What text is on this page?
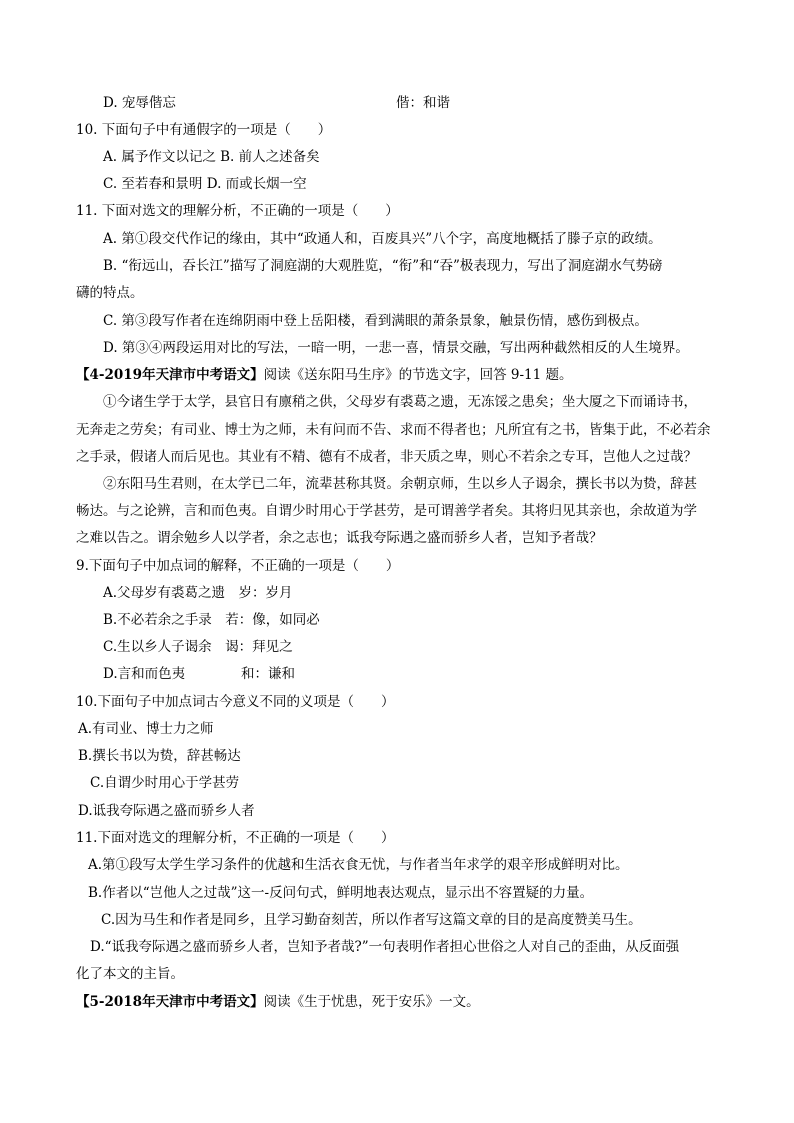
D. 宠辱偕忘	偕：和谐
10. 下面句子中有通假字的一项是（　　）
A. 属予作文以记之 B. 前人之述备矣
C. 至若春和景明 D. 而或长烟一空
11. 下面对选文的理解分析，不正确的一项是（　　）
A. 第①段交代作记的缘由，其中“政通人和，百废具兴”八个字，高度地概括了滕子京的政绩。
B. “衔远山，吞长江”描写了洞庭湖的大观胜览，“衔”和“吞”极表现力，写出了洞庭湖水气势磅
礴的特点。
C. 第③段写作者在连绵阴雨中登上岳阳楼，看到满眼的萧条景象，触景伤情，感伤到极点。
D. 第③④两段运用对比的写法，一暗一明，一悲一喜，情景交融，写出两种截然相反的人生境界。
【4-2019年天津市中考语文】阅读《送东阳马生序》的节选文字，回答 9-11 题。
①今诸生学于太学，县官日有廪稍之供，父母岁有裘葛之遗，无冻馁之患矣；坐大厦之下而诵诗书，
无奔走之劳矣；有司业、博士为之师，未有问而不告、求而不得者也；凡所宜有之书，皆集于此，不必若余
之手录，假诸人而后见也。其业有不精、德有不成者，非天质之卑，则心不若余之专耳，岂他人之过哉？
②东阳马生君则，在太学已二年，流辈甚称其贤。余朝京师，生以乡人子谒余，撰长书以为贽，辞甚
畅达。与之论辨，言和而色夷。自谓少时用心于学甚劳，是可谓善学者矣。其将归见其亲也，余故道为学
之难以告之。谓余勉乡人以学者，余之志也；诋我夸际遇之盛而骄乡人者，岂知予者哉？
9.下面句子中加点词的解释，不正确的一项是（　　）
A.父母岁有裘葛之遗　岁：岁月
B.不必若余之手录　若：像，如同必
C.生以乡人子谒余　谒：拜见之
D.言和而色夷	和：谦和
10.下面句子中加点词古今意义不同的义项是（　　）
A.有司业、博士力之师
B.撰长书以为贽，辞甚畅达
C.自谓少时用心于学甚劳
D.诋我夸际遇之盛而骄乡人者
11.下面对选文的理解分析，不正确的一项是（　　）
A.第①段写太学生学习条件的优越和生活衣食无忧，与作者当年求学的艰辛形成鲜明对比。
B.作者以“岂他人之过哉”这一-反问句式，鲜明地表达观点，显示出不容置疑的力量。
C.因为马生和作者是同乡，且学习勤奋刻苦，所以作者写这篇文章的目的是高度赞美马生。
D.“诋我夸际遇之盛而骄乡人者，岂知予者哉?”一句表明作者担心世俗之人对自己的歪曲，从反面强
化了本文的主旨。
【5-2018年天津市中考语文】阅读《生于忧患，死于安乐》一文。
